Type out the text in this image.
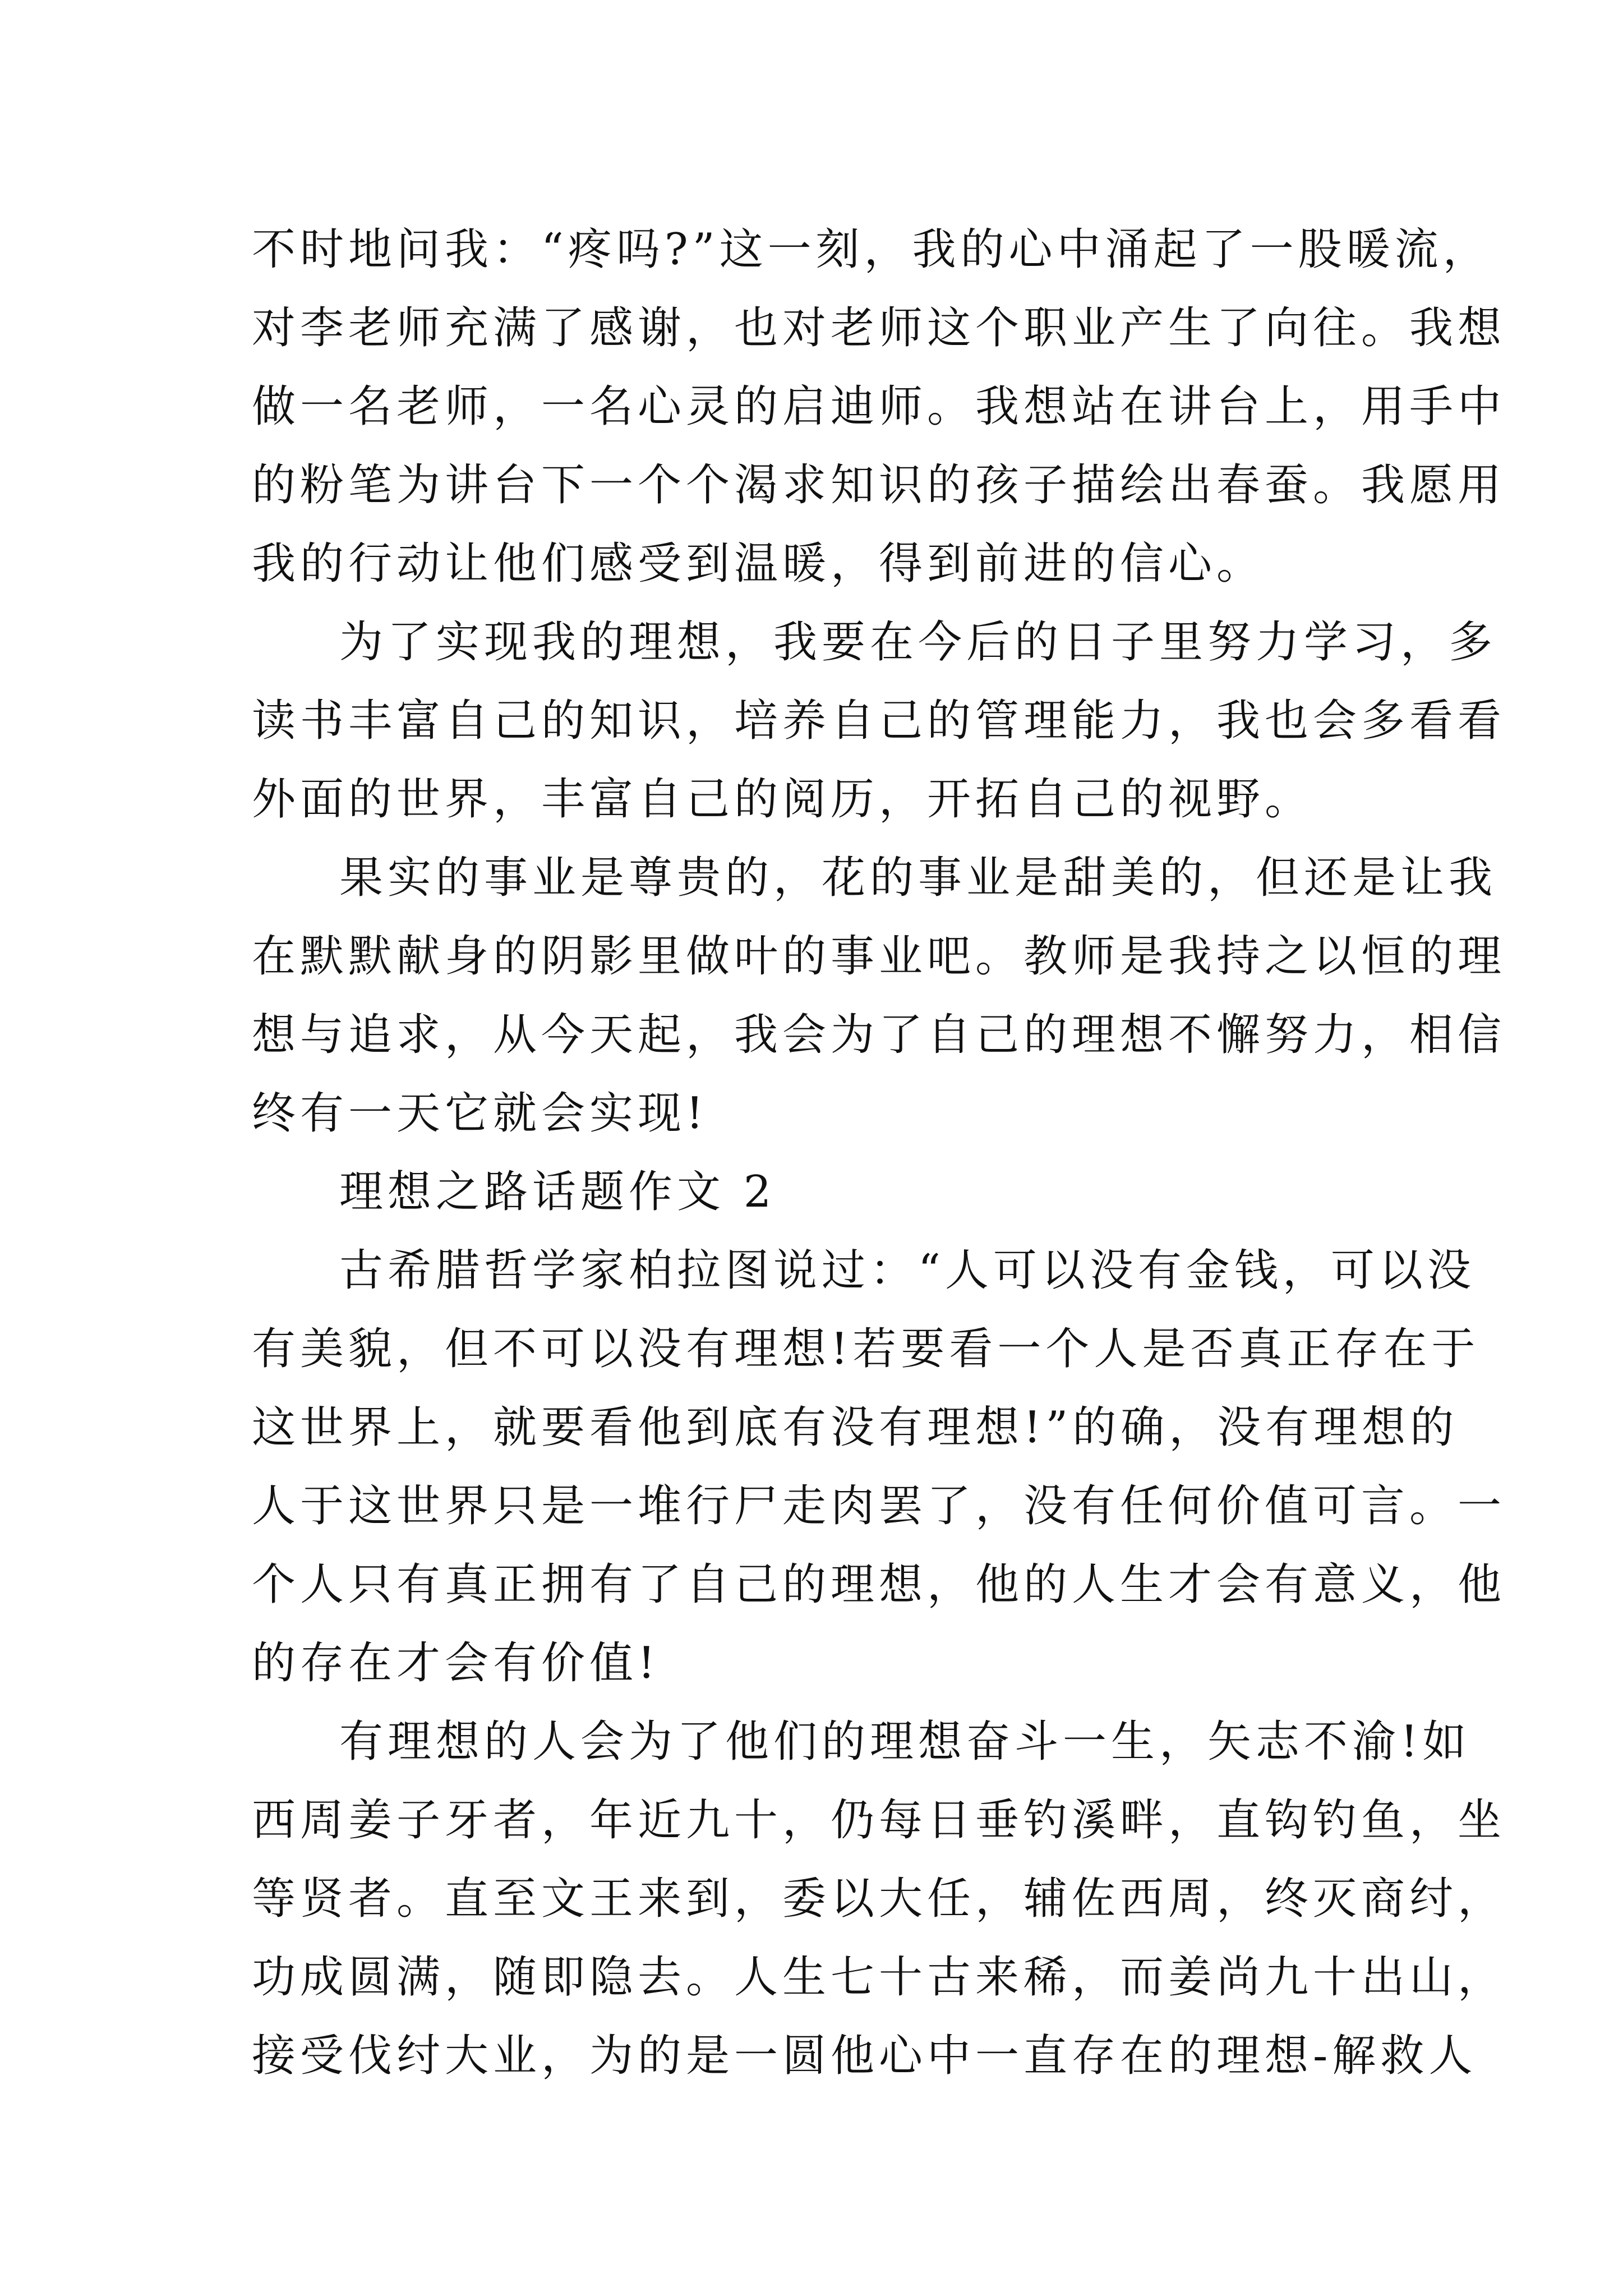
不时地问我：“疼吗?”这一刻，我的心中涌起了一股暖流，
对李老师充满了感谢，也对老师这个职业产生了向往。我想
做一名老师，一名心灵的启迪师。我想站在讲台上，用手中
的粉笔为讲台下一个个渴求知识的孩子描绘出春蚕。我愿用
我的行动让他们感受到温暖，得到前进的信心。
为了实现我的理想，我要在今后的日子里努力学习，多
读书丰富自己的知识，培养自己的管理能力，我也会多看看
外面的世界，丰富自己的阅历，开拓自己的视野。
果实的事业是尊贵的，花的事业是甜美的，但还是让我
在默默献身的阴影里做叶的事业吧。教师是我持之以恒的理
想与追求，从今天起，我会为了自己的理想不懈努力，相信
终有一天它就会实现!
理想之路话题作文 2
古希腊哲学家柏拉图说过：“人可以没有金钱，可以没
有美貌，但不可以没有理想!若要看一个人是否真正存在于
这世界上，就要看他到底有没有理想!”的确，没有理想的
人于这世界只是一堆行尸走肉罢了，没有任何价值可言。一
个人只有真正拥有了自己的理想，他的人生才会有意义，他
的存在才会有价值!
有理想的人会为了他们的理想奋斗一生，矢志不渝!如
西周姜子牙者，年近九十，仍每日垂钓溪畔，直钩钓鱼，坐
等贤者。直至文王来到，委以大任，辅佐西周，终灭商纣，
功成圆满，随即隐去。人生七十古来稀，而姜尚九十出山，
接受伐纣大业，为的是一圆他心中一直存在的理想-解救人
